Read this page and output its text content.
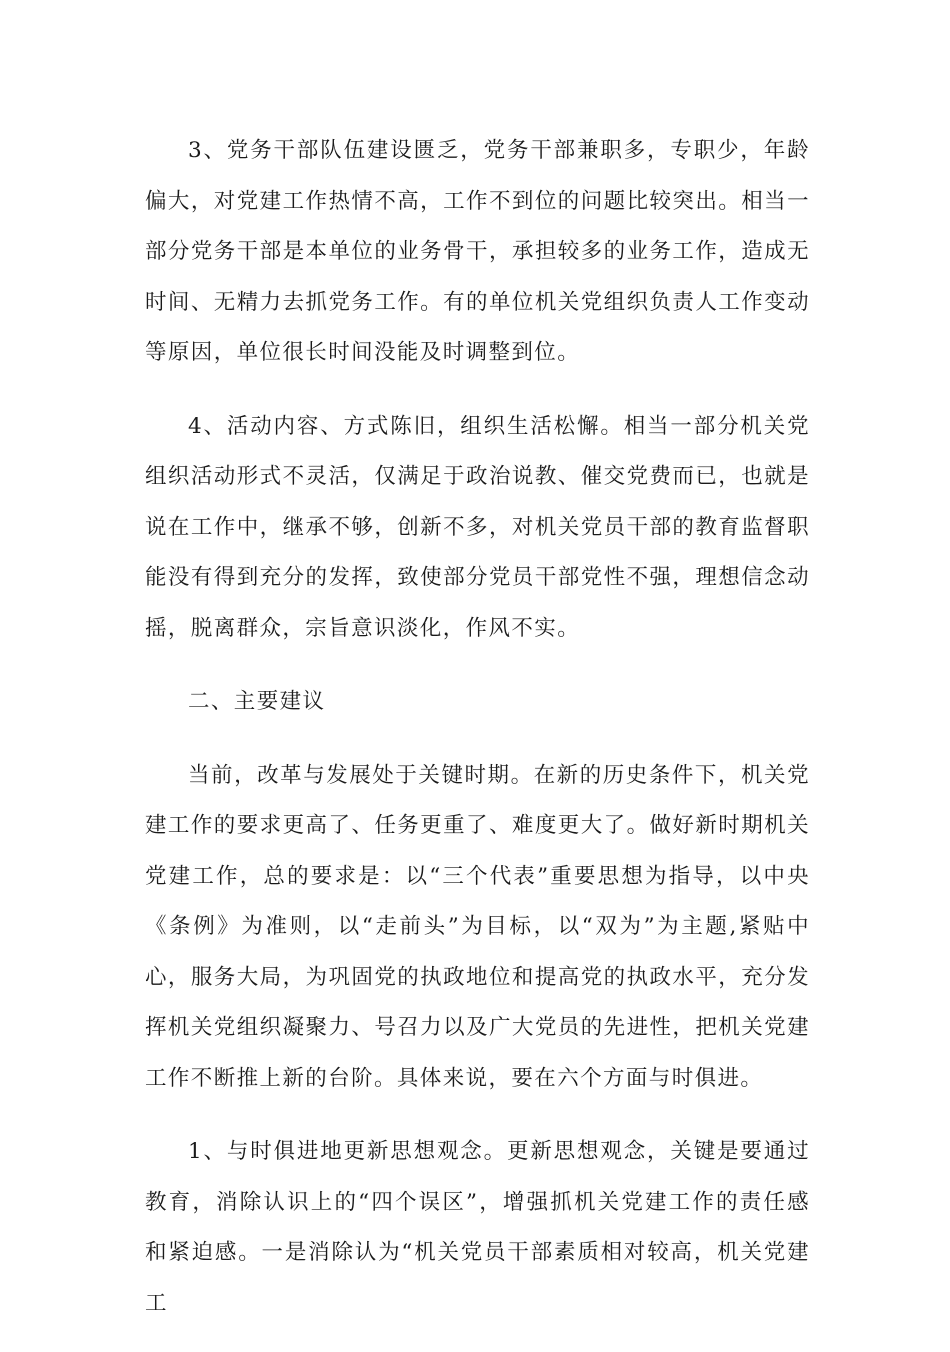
3、党务干部队伍建设匮乏，党务干部兼职多，专职少，年龄偏大，对党建工作热情不高，工作不到位的问题比较突出。相当一部分党务干部是本单位的业务骨干，承担较多的业务工作，造成无时间、无精力去抓党务工作。有的单位机关党组织负责人工作变动等原因，单位很长时间没能及时调整到位。

4、活动内容、方式陈旧，组织生活松懈。相当一部分机关党组织活动形式不灵活，仅满足于政治说教、催交党费而已，也就是说在工作中，继承不够，创新不多，对机关党员干部的教育监督职能没有得到充分的发挥，致使部分党员干部党性不强，理想信念动摇，脱离群众，宗旨意识淡化，作风不实。

二、主要建议

当前，改革与发展处于关键时期。在新的历史条件下，机关党建工作的要求更高了、任务更重了、难度更大了。做好新时期机关党建工作，总的要求是：以“三个代表”重要思想为指导，以中央《条例》为准则，以“走前头”为目标，以“双为”为主题,紧贴中心，服务大局，为巩固党的执政地位和提高党的执政水平，充分发挥机关党组织凝聚力、号召力以及广大党员的先进性，把机关党建工作不断推上新的台阶。具体来说，要在六个方面与时俱进。

1、与时俱进地更新思想观念。更新思想观念，关键是要通过教育，消除认识上的“四个误区”，增强抓机关党建工作的责任感和紧迫感。一是消除认为“机关党员干部素质相对较高，机关党建工
